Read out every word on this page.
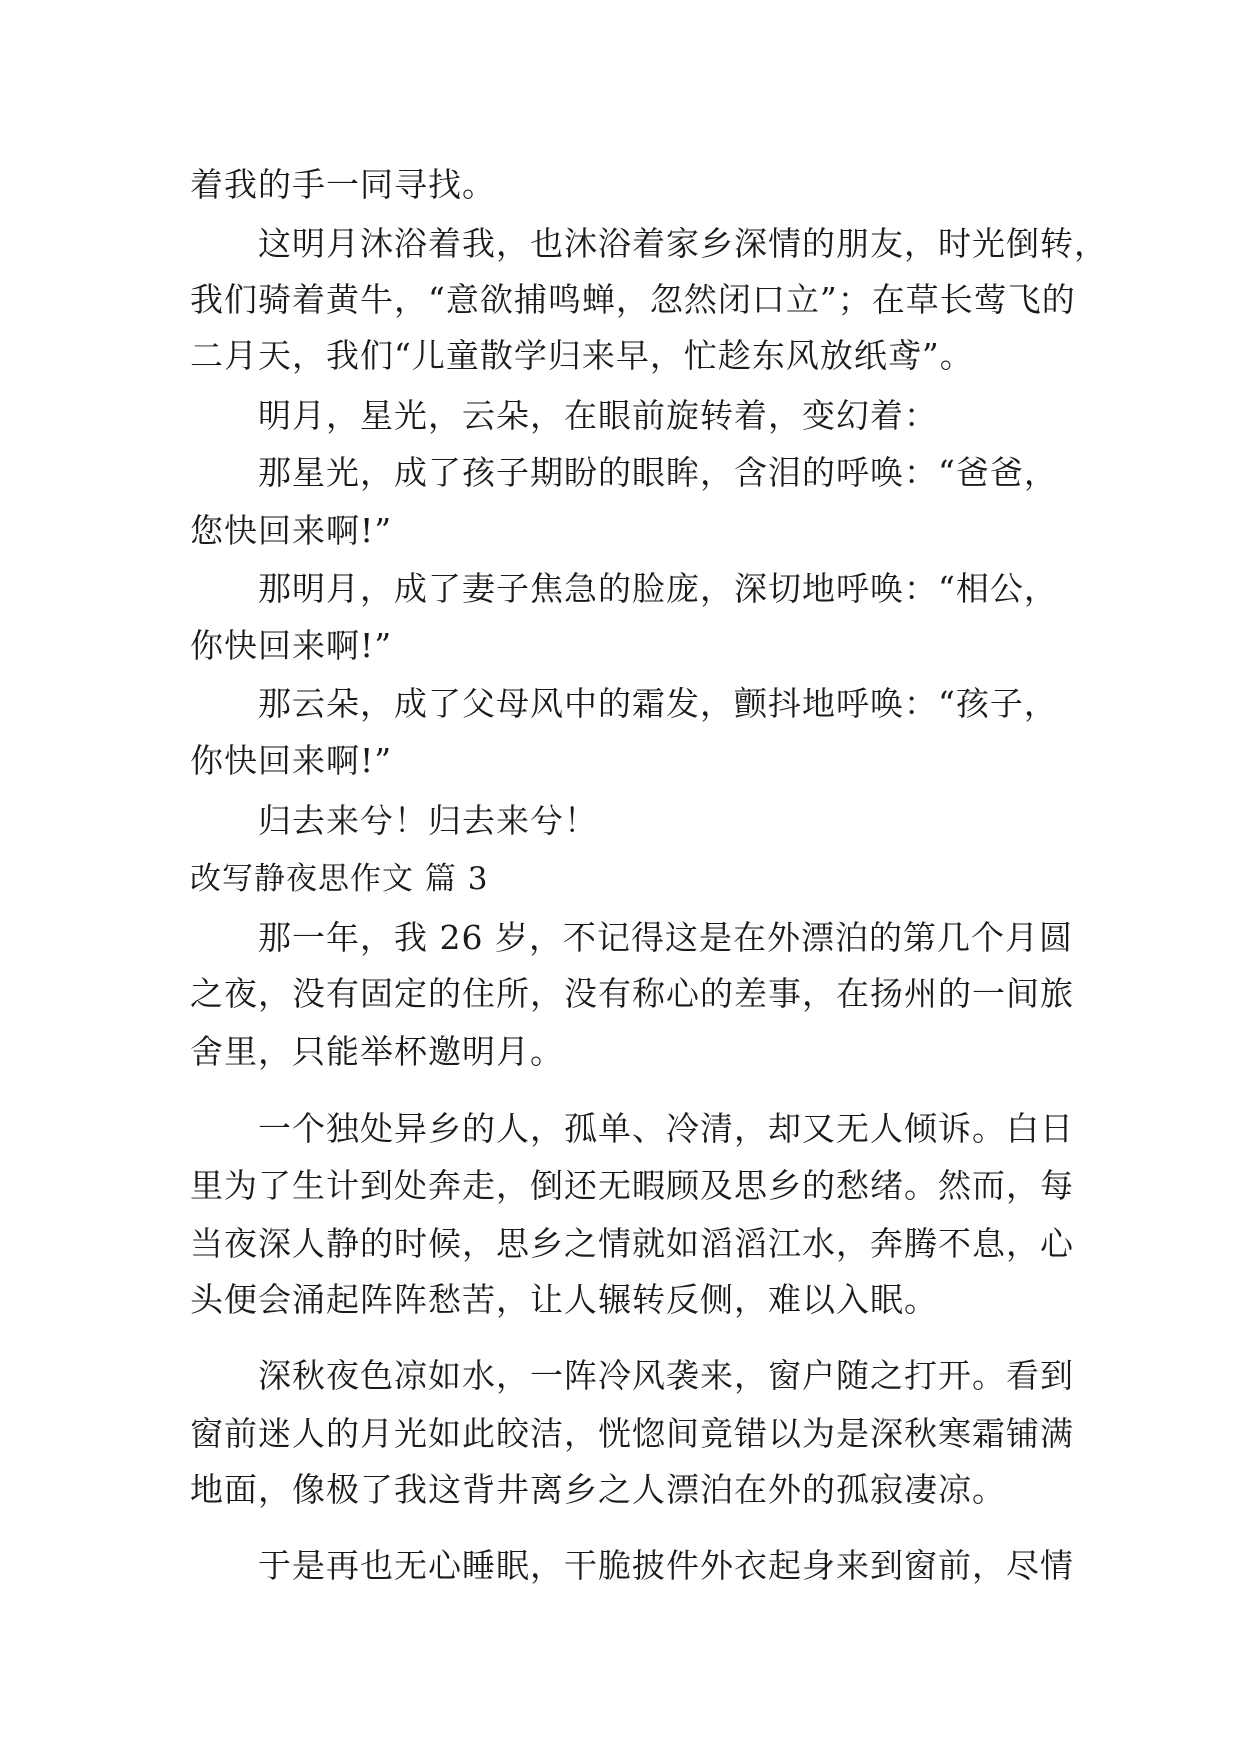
着我的手一同寻找。

这明月沐浴着我，也沐浴着家乡深情的朋友，时光倒转，

我们骑着黄牛，“意欲捕鸣蝉，忽然闭口立”；在草长莺飞的

二月天，我们“儿童散学归来早，忙趁东风放纸鸢”。

明月，星光，云朵，在眼前旋转着，变幻着：

那星光，成了孩子期盼的眼眸，含泪的呼唤：“爸爸，

您快回来啊!”

那明月，成了妻子焦急的脸庞，深切地呼唤：“相公，

你快回来啊!”

那云朵，成了父母风中的霜发，颤抖地呼唤：“孩子，

你快回来啊!”

归去来兮！归去来兮！

改写静夜思作文 篇 3

那一年，我 26 岁，不记得这是在外漂泊的第几个月圆

之夜，没有固定的住所，没有称心的差事，在扬州的一间旅

舍里，只能举杯邀明月。

一个独处异乡的人，孤单、冷清，却又无人倾诉。白日

里为了生计到处奔走，倒还无暇顾及思乡的愁绪。然而，每

当夜深人静的时候，思乡之情就如滔滔江水，奔腾不息，心

头便会涌起阵阵愁苦，让人辗转反侧，难以入眠。

深秋夜色凉如水，一阵冷风袭来，窗户随之打开。看到

窗前迷人的月光如此皎洁，恍惚间竟错以为是深秋寒霜铺满

地面，像极了我这背井离乡之人漂泊在外的孤寂凄凉。

于是再也无心睡眠，干脆披件外衣起身来到窗前，尽情
